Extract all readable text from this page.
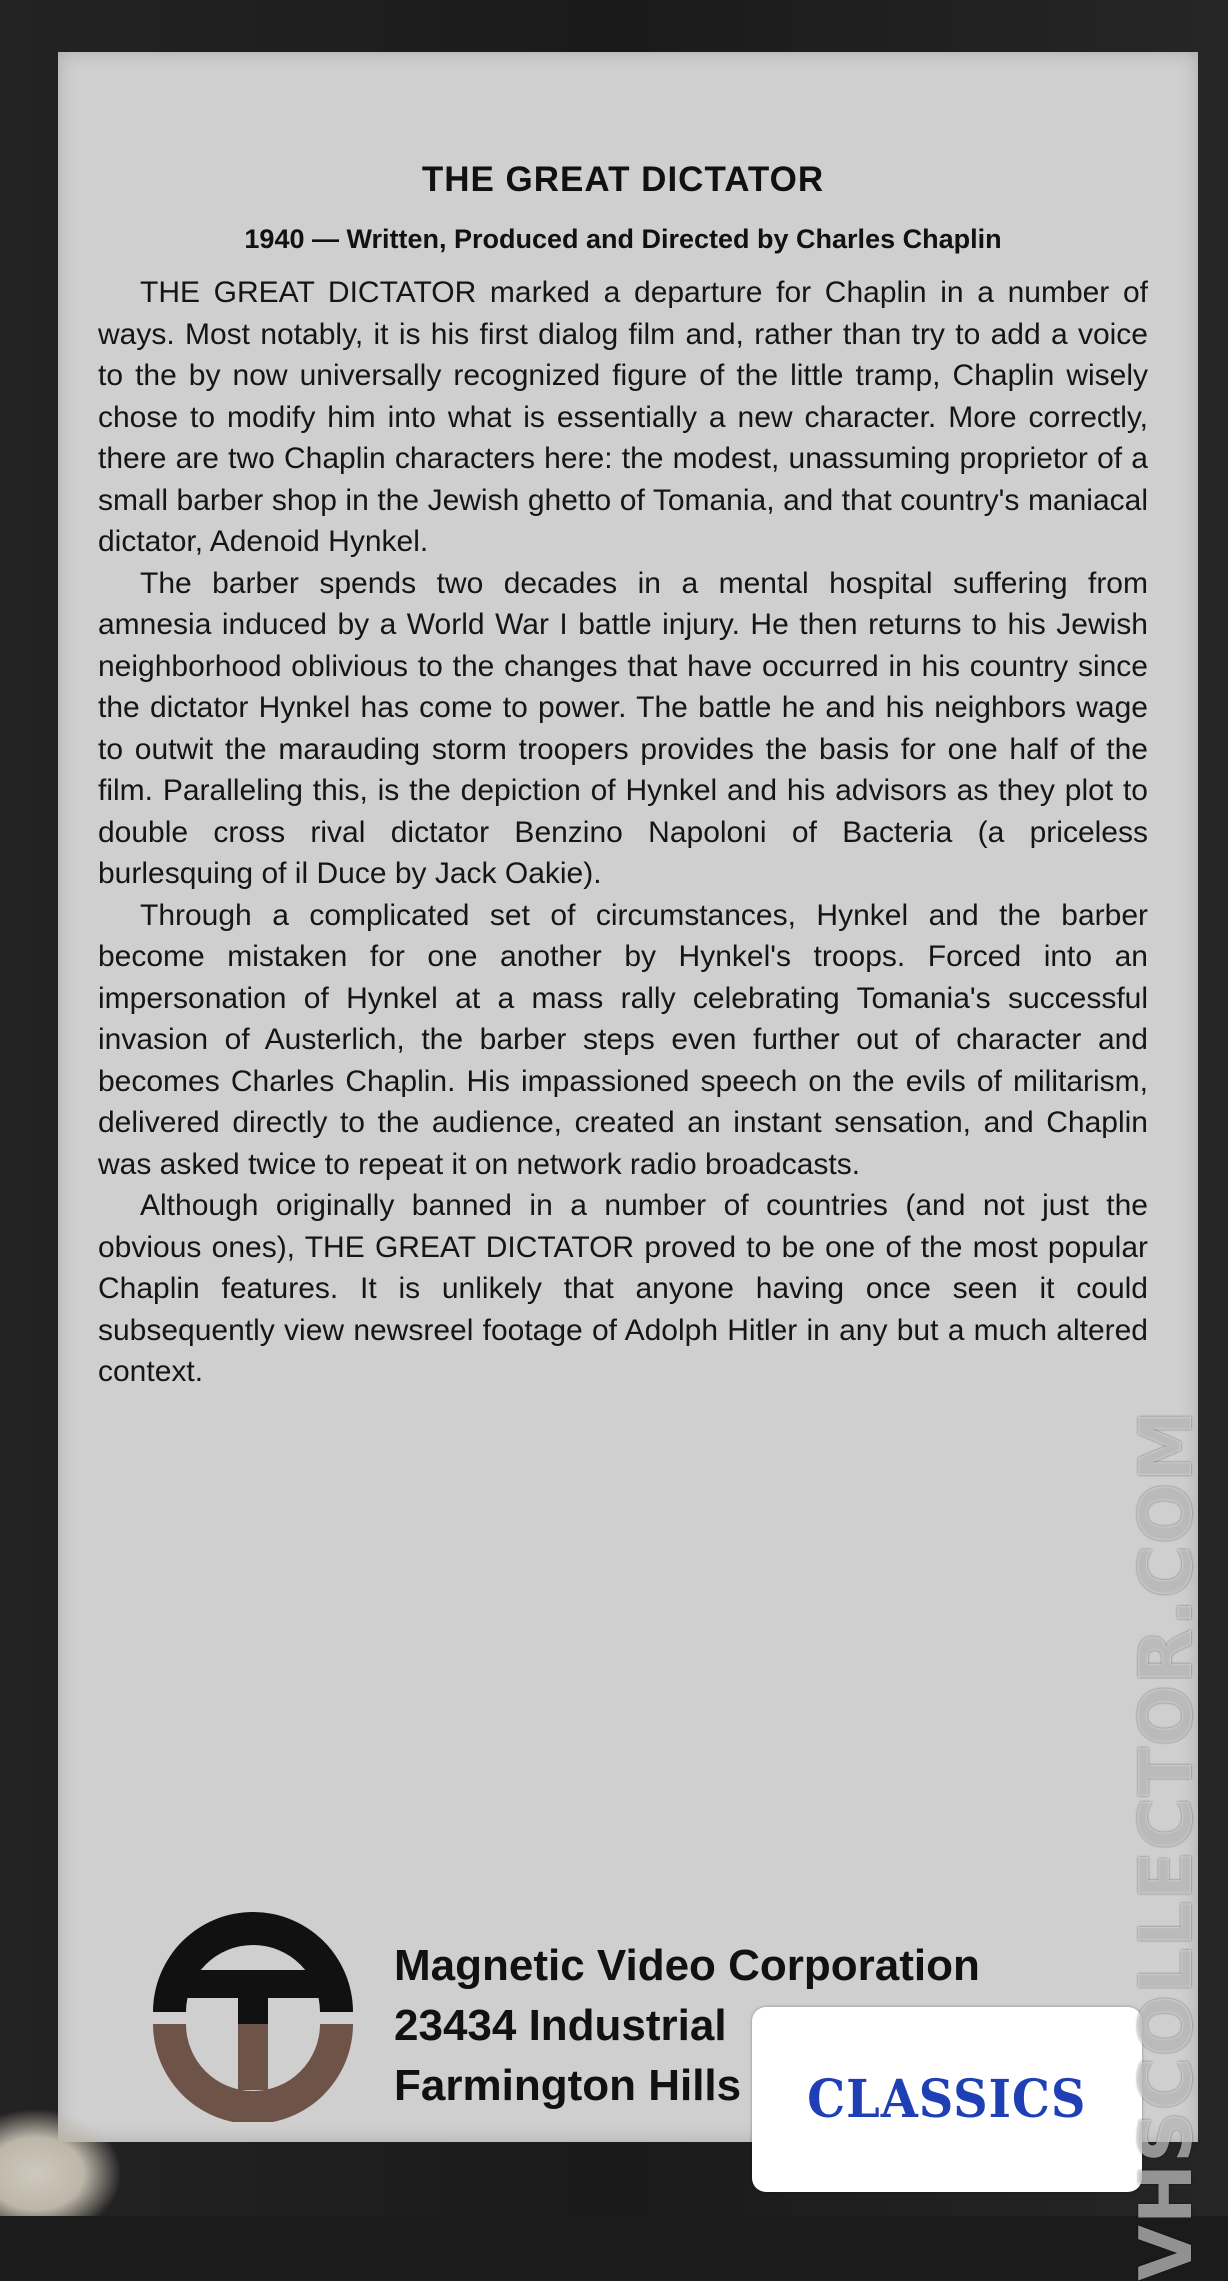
THE GREAT DICTATOR
1940 — Written, Produced and Directed by Charles Chaplin

THE GREAT DICTATOR marked a departure for Chaplin in a number of ways. Most notably, it is his first dialog film and, rather than try to add a voice to the by now universally recognized figure of the little tramp, Chaplin wisely chose to modify him into what is essentially a new character. More correctly, there are two Chaplin characters here: the modest, unassuming proprietor of a small barber shop in the Jewish ghetto of Tomania, and that country's maniacal dictator, Adenoid Hynkel.

The barber spends two decades in a mental hospital suffering from amnesia induced by a World War I battle injury. He then returns to his Jewish neighborhood oblivious to the changes that have occurred in his country since the dictator Hynkel has come to power. The battle he and his neighbors wage to outwit the marauding storm troopers provides the basis for one half of the film. Paralleling this, is the depiction of Hynkel and his advisors as they plot to double cross rival dictator Benzino Napoloni of Bacteria (a priceless burlesquing of il Duce by Jack Oakie).

Through a complicated set of circumstances, Hynkel and the barber become mistaken for one another by Hynkel's troops. Forced into an impersonation of Hynkel at a mass rally celebrating Tomania's successful invasion of Austerlich, the barber steps even further out of character and becomes Charles Chaplin. His impassioned speech on the evils of militarism, delivered directly to the audience, created an instant sensation, and Chaplin was asked twice to repeat it on network radio broadcasts.

Although originally banned in a number of countries (and not just the obvious ones), THE GREAT DICTATOR proved to be one of the most popular Chaplin features. It is unlikely that anyone having once seen it could subsequently view newsreel footage of Adolph Hitler in any but a much altered context.

Magnetic Video Corporation
23434 Industrial
Farmington Hills	CLASSICS VHSCOLLECTOR.COM
